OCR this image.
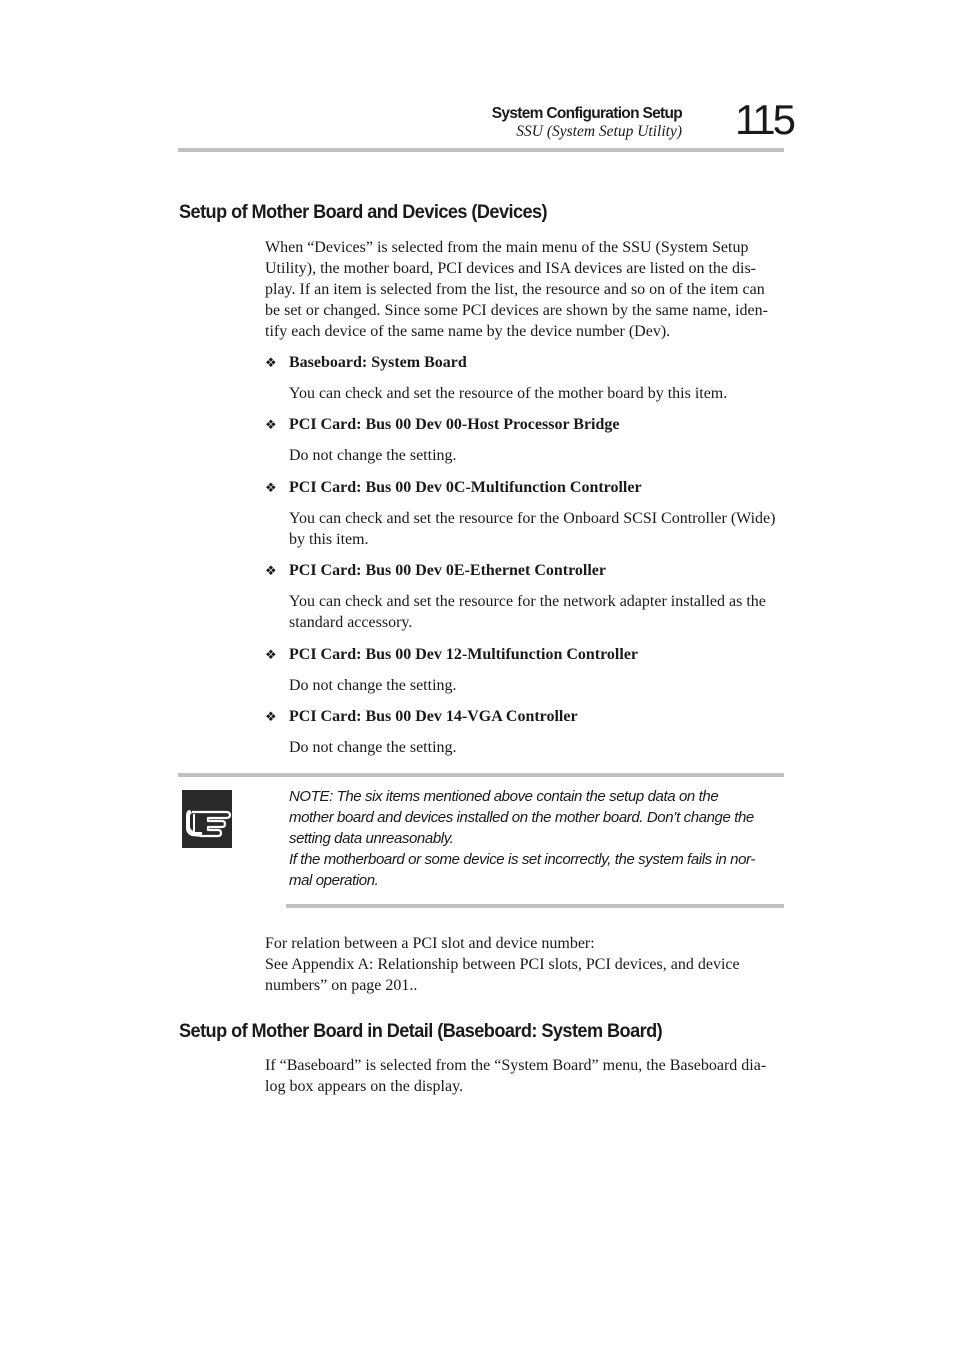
System Configuration Setup
SSU (System Setup Utility) 115
Setup of Mother Board and Devices (Devices)

When “Devices” is selected from the main menu of the SSU (System Setup

Utility), the mother board, PCI devices and ISA devices are listed on the dis-

play. If an item is selected from the list, the resource and so on of the item can

be set or changed. Since some PCI devices are shown by the same name, iden-

tify each device of the same name by the device number (Dev).

❖ Baseboard: System Board
You can check and set the resource of the mother board by this item.
❖ PCI Card: Bus 00 Dev 00-Host Processor Bridge
Do not change the setting.
❖ PCI Card: Bus 00 Dev 0C-Multifunction Controller
You can check and set the resource for the Onboard SCSI Controller (Wide)
by this item.
❖ PCI Card: Bus 00 Dev 0E-Ethernet Controller
You can check and set the resource for the network adapter installed as the
standard accessory.
❖ PCI Card: Bus 00 Dev 12-Multifunction Controller
Do not change the setting.
❖ PCI Card: Bus 00 Dev 14-VGA Controller
Do not change the setting.
NOTE: The six items mentioned above contain the setup data on the
mother board and devices installed on the mother board. Don’t change the
setting data unreasonably.
If the motherboard or some device is set incorrectly, the system fails in nor-
mal operation.

For relation between a PCI slot and device number:

See Appendix A: Relationship between PCI slots, PCI devices, and device

numbers” on page 201..

Setup of Mother Board in Detail (Baseboard: System Board)

If “Baseboard” is selected from the “System Board” menu, the Baseboard dia-

log box appears on the display.
